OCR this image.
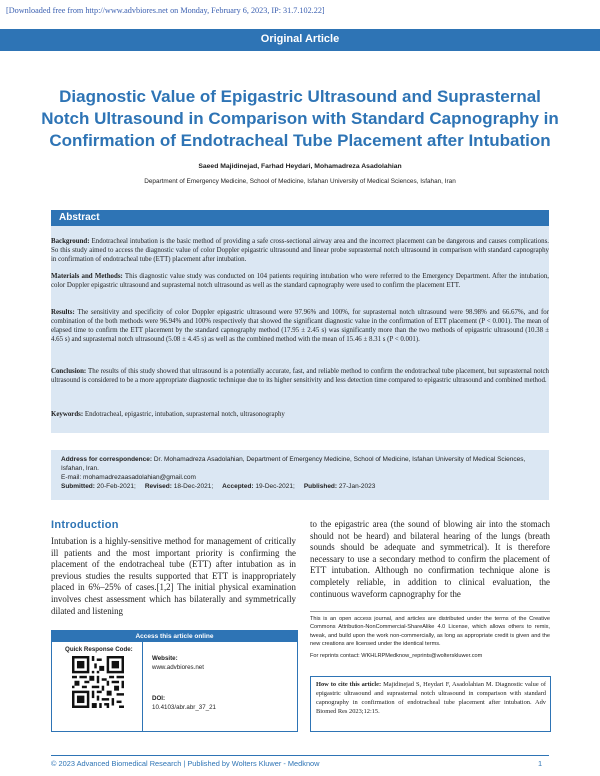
[Downloaded free from http://www.advbiores.net on Monday, February 6, 2023, IP: 31.7.102.22]
Original Article
Diagnostic Value of Epigastric Ultrasound and Suprasternal
Notch Ultrasound in Comparison with Standard Capnography in
Confirmation of Endotracheal Tube Placement after Intubation
Saeed Majidinejad, Farhad Heydari, Mohamadreza Asadolahian
Department of Emergency Medicine, School of Medicine, Isfahan University of Medical Sciences, Isfahan, Iran
Abstract
Background: Endotracheal intubation is the basic method of providing a safe cross-sectional airway area and the incorrect placement can be dangerous and causes complications. So this study aimed to access the diagnostic value of color Doppler epigastric ultrasound and linear probe suprasternal notch ultrasound in comparison with standard capnography in confirmation of endotracheal tube (ETT) placement after intubation.
Materials and Methods: This diagnostic value study was conducted on 104 patients requiring intubation who were referred to the Emergency Department. After the intubation, color Doppler epigastric ultrasound and suprasternal notch ultrasound as well as the standard capnography were used to confirm the placement ETT.
Results: The sensitivity and specificity of color Doppler epigastric ultrasound were 97.96% and 100%, for suprasternal notch ultrasound were 98.98% and 66.67%, and for combination of the both methods were 96.94% and 100% respectively that showed the significant diagnostic value in the confirmation of ETT placement (P < 0.001). The mean of elapsed time to confirm the ETT placement by the standard capnography method (17.95 ± 2.45 s) was significantly more than the two methods of epigastric ultrasound (10.38 ± 4.65 s) and suprasternal notch ultrasound (5.08 ± 4.45 s) as well as the combined method with the mean of 15.46 ± 8.31 s (P < 0.001).
Conclusion: The results of this study showed that ultrasound is a potentially accurate, fast, and reliable method to confirm the endotracheal tube placement, but suprasternal notch ultrasound is considered to be a more appropriate diagnostic technique due to its higher sensitivity and less detection time compared to epigastric ultrasound and combined method.
Keywords: Endotracheal, epigastric, intubation, suprasternal notch, ultrasonography
Address for correspondence: Dr. Mohamadreza Asadolahian, Department of Emergency Medicine, School of Medicine, Isfahan University of Medical Sciences, Isfahan, Iran.
E-mail: mohamadrezaasadolahian@gmail.com
Submitted: 20-Feb-2021; Revised: 18-Dec-2021; Accepted: 19-Dec-2021; Published: 27-Jan-2023
Introduction
Intubation is a highly-sensitive method for management of critically ill patients and the most important priority is confirming the placement of the endotracheal tube (ETT) after intubation as in previous studies the results supported that ETT is inappropriately placed in 6%–25% of cases.[1,2] The initial physical examination involves chest assessment which has bilaterally and symmetrically dilated and listening
to the epigastric area (the sound of blowing air into the stomach should not be heard) and bilateral hearing of the lungs (breath sounds should be adequate and symmetrical). It is therefore necessary to use a secondary method to confirm the placement of ETT intubation. Although no confirmation technique alone is completely reliable, in addition to clinical evaluation, the continuous waveform capnography for the
Access this article online
Quick Response Code:
Website:
www.advbiores.net
DOI:
10.4103/abr.abr_37_21
This is an open access journal, and articles are distributed under the terms of the Creative Commons Attribution-NonCommercial-ShareAlike 4.0 License, which allows others to remix, tweak, and build upon the work non-commercially, as long as appropriate credit is given and the new creations are licensed under the identical terms.
For reprints contact: WKHLRPMedknow_reprints@wolterskluwer.com
How to cite this article: Majidinejad S, Heydari F, Asadolahian M. Diagnostic value of epigastric ultrasound and suprasternal notch ultrasound in comparison with standard capnography in confirmation of endotracheal tube placement after intubation. Adv Biomed Res 2023;12:15.
© 2023 Advanced Biomedical Research | Published by Wolters Kluwer - Medknow	1
